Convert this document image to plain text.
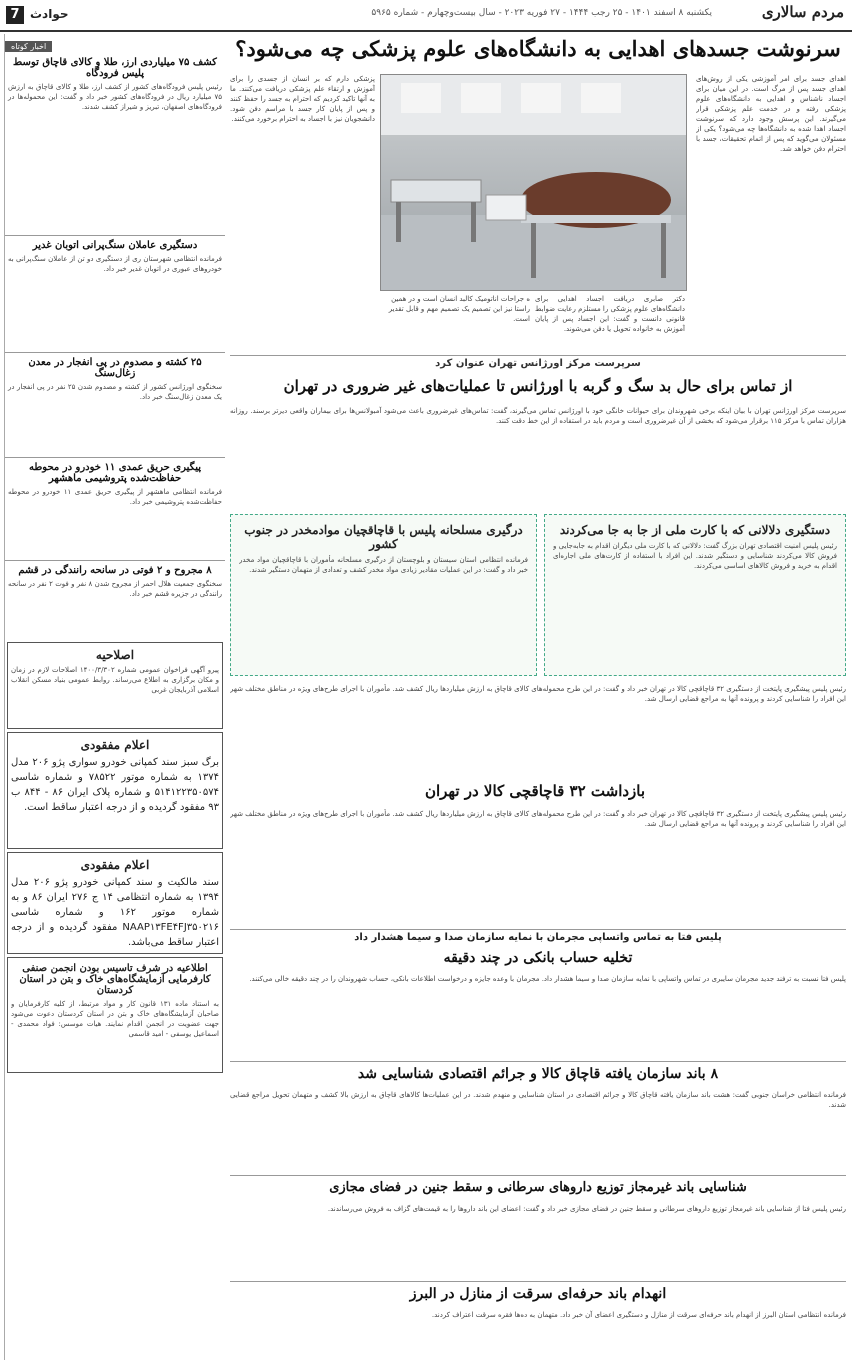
مردم سالاری
یکشنبه ۸ اسفند ۱۴۰۱ - ۲۵ رجب ۱۴۴۴ - ۲۷ فوریه ۲۰۲۳ - سال بیست‌وچهارم - شماره ۵۹۶۵
حوادث
7
سرنوشت جسدهای اهدایی به دانشگاه‌های علوم پزشکی چه می‌شود؟
اهدای جسد برای امر آموزشی یکی از روش‌های اهدای جسد پس از مرگ است. در این میان برای اجساد ناشناس و اهدایی به دانشگاه‌های علوم پزشکی رفته و در خدمت علم پزشکی قرار می‌گیرند. این پرسش وجود دارد که سرنوشت اجساد اهدا شده به دانشگاه‌ها چه می‌شود؟ یکی از مسئولان می‌گوید که پس از اتمام تحقیقات، جسد با احترام دفن خواهد شد.
پزشکی دارم که بر انسان از جسدی را برای آموزش و ارتقاء علم پزشکی دریافت می‌کنند. ما به آنها تاکید کردیم که احترام به جسد را حفظ کنند و پس از پایان کار جسد با مراسم دفن شود. دانشجویان نیز با اجساد به احترام برخورد می‌کنند.
ه جراحات اناتومیک کالبد انسان است و در همین راستا نیز این تصمیم یک تصمیم مهم و قابل تقدیر است.
دکتر صابری دریافت اجساد اهدایی برای دانشگاه‌های علوم پزشکی را مستلزم رعایت ضوابط قانونی دانست و گفت: این اجساد پس از پایان آموزش به خانواده تحویل یا دفن می‌شوند.
سرپرست مرکز اورژانس تهران عنوان کرد
از تماس برای حال بد سگ و گربه با اورژانس تا عملیات‌های غیر ضروری در تهران
سرپرست مرکز اورژانس تهران با بیان اینکه برخی شهروندان برای حیوانات خانگی خود با اورژانس تماس می‌گیرند، گفت: تماس‌های غیرضروری باعث می‌شود آمبولانس‌ها برای بیماران واقعی دیرتر برسند. روزانه هزاران تماس با مرکز ۱۱۵ برقرار می‌شود که بخشی از آن غیرضروری است و مردم باید در استفاده از این خط دقت کنند.
دستگیری دلالانی که با کارت ملی از جا به جا می‌کردند
رئیس پلیس امنیت اقتصادی تهران بزرگ گفت: دلالانی که با کارت ملی دیگران اقدام به جابه‌جایی و فروش کالا می‌کردند شناسایی و دستگیر شدند. این افراد با استفاده از کارت‌های ملی اجاره‌ای اقدام به خرید و فروش کالاهای اساسی می‌کردند.
درگیری مسلحانه پلیس با قاچاقچیان موادمخدر در جنوب کشور
فرمانده انتظامی استان سیستان و بلوچستان از درگیری مسلحانه مأموران با قاچاقچیان مواد مخدر خبر داد و گفت: در این عملیات مقادیر زیادی مواد مخدر کشف و تعدادی از متهمان دستگیر شدند.
بازداشت ۳۲ قاچاقچی کالا در تهران
رئیس پلیس پیشگیری پایتخت از دستگیری ۳۲ قاچاقچی کالا در تهران خبر داد و گفت: در این طرح محموله‌های کالای قاچاق به ارزش میلیاردها ریال کشف شد. مأموران با اجرای طرح‌های ویژه در مناطق مختلف شهر این افراد را شناسایی کردند و پرونده آنها به مراجع قضایی ارسال شد.
رئیس پلیس پیشگیری پایتخت از دستگیری ۳۲ قاچاقچی کالا در تهران خبر داد و گفت: در این طرح محموله‌های کالای قاچاق به ارزش میلیاردها ریال کشف شد. مأموران با اجرای طرح‌های ویژه در مناطق مختلف شهر این افراد را شناسایی کردند و پرونده آنها به مراجع قضایی ارسال شد.
پلیس فتا به تماس واتساپی مجرمان با نمایه سازمان صدا و سیما هشدار داد
تخلیه حساب بانکی در چند دقیقه
پلیس فتا نسبت به ترفند جدید مجرمان سایبری در تماس واتساپی با نمایه سازمان صدا و سیما هشدار داد. مجرمان با وعده جایزه و درخواست اطلاعات بانکی، حساب شهروندان را در چند دقیقه خالی می‌کنند.
۸ باند سازمان یافته قاچاق کالا و جرائم اقتصادی شناسایی شد
فرمانده انتظامی خراسان جنوبی گفت: هشت باند سازمان یافته قاچاق کالا و جرائم اقتصادی در استان شناسایی و منهدم شدند. در این عملیات‌ها کالاهای قاچاق به ارزش بالا کشف و متهمان تحویل مراجع قضایی شدند.
شناسایی باند غیرمجاز توزیع داروهای سرطانی و سقط جنین در فضای مجازی
رئیس پلیس فتا از شناسایی باند غیرمجاز توزیع داروهای سرطانی و سقط جنین در فضای مجازی خبر داد و گفت: اعضای این باند داروها را به قیمت‌های گزاف به فروش می‌رساندند.
انهدام باند حرفه‌ای سرقت از منازل در البرز
فرمانده انتظامی استان البرز از انهدام باند حرفه‌ای سرقت از منازل و دستگیری اعضای آن خبر داد. متهمان به ده‌ها فقره سرقت اعتراف کردند.
اخبار کوتاه
کشف ۷۵ میلیاردی ارز، طلا و کالای قاچاق توسط پلیس فرودگاه
رئیس پلیس فرودگاه‌های کشور از کشف ارز، طلا و کالای قاچاق به ارزش ۷۵ میلیارد ریال در فرودگاه‌های کشور خبر داد و گفت: این محموله‌ها در فرودگاه‌های اصفهان، تبریز و شیراز کشف شدند.
دستگیری عاملان سنگ‌پرانی اتوبان غدیر
فرمانده انتظامی شهرستان ری از دستگیری دو تن از عاملان سنگ‌پرانی به خودروهای عبوری در اتوبان غدیر خبر داد.
۲۵ کشته و مصدوم در پی انفجار در معدن زغال‌سنگ
سخنگوی اورژانس کشور از کشته و مصدوم شدن ۲۵ نفر در پی انفجار در یک معدن زغال‌سنگ خبر داد.
پیگیری حریق عمدی ۱۱ خودرو در محوطه حفاظت‌شده پتروشیمی ماهشهر
فرمانده انتظامی ماهشهر از پیگیری حریق عمدی ۱۱ خودرو در محوطه حفاظت‌شده پتروشیمی خبر داد.
۸ مجروح و ۲ فوتی در سانحه رانندگی در قشم
سخنگوی جمعیت هلال احمر از مجروح شدن ۸ نفر و فوت ۲ نفر در سانحه رانندگی در جزیره قشم خبر داد.
اصلاحیه
پیرو آگهی فراخوان عمومی شماره ۱۴۰۰/۳/۳۰۲ اصلاحات لازم در زمان و مکان برگزاری به اطلاع می‌رساند. روابط عمومی بنیاد مسکن انقلاب اسلامی آذربایجان غربی
اعلام مفقودی
برگ سبز سند کمپانی خودرو سواری پژو ۲۰۶ مدل ۱۳۷۴ به شماره موتور ۷۸۵۲۲ و شماره شاسی ۵۱۴۱۲۲۳۵۰۵۷۴ و شماره پلاک ایران ۸۶ - ۸۴۴ ب ۹۳ مفقود گردیده و از درجه اعتبار ساقط است.
اعلام مفقودی
سند مالکیت و سند کمپانی خودرو پژو ۲۰۶ مدل ۱۳۹۴ به شماره انتظامی ۱۴ ج ۲۷۶ ایران ۸۶ و به شماره موتور ۱۶۲ و شماره شاسی NAAP۱۳FE۴FJ۳۵۰۲۱۶ مفقود گردیده و از درجه اعتبار ساقط می‌باشد.
اطلاعیه در شرف تاسیس بودن انجمن صنفی کارفرمایی آزمایشگاه‌های خاک و بتن در استان کردستان
به استناد ماده ۱۳۱ قانون کار و مواد مرتبط، از کلیه کارفرمایان و صاحبان آزمایشگاه‌های خاک و بتن در استان کردستان دعوت می‌شود جهت عضویت در انجمن اقدام نمایند. هیات موسس: فواد محمدی - اسماعیل یوسفی - امید قاسمی
